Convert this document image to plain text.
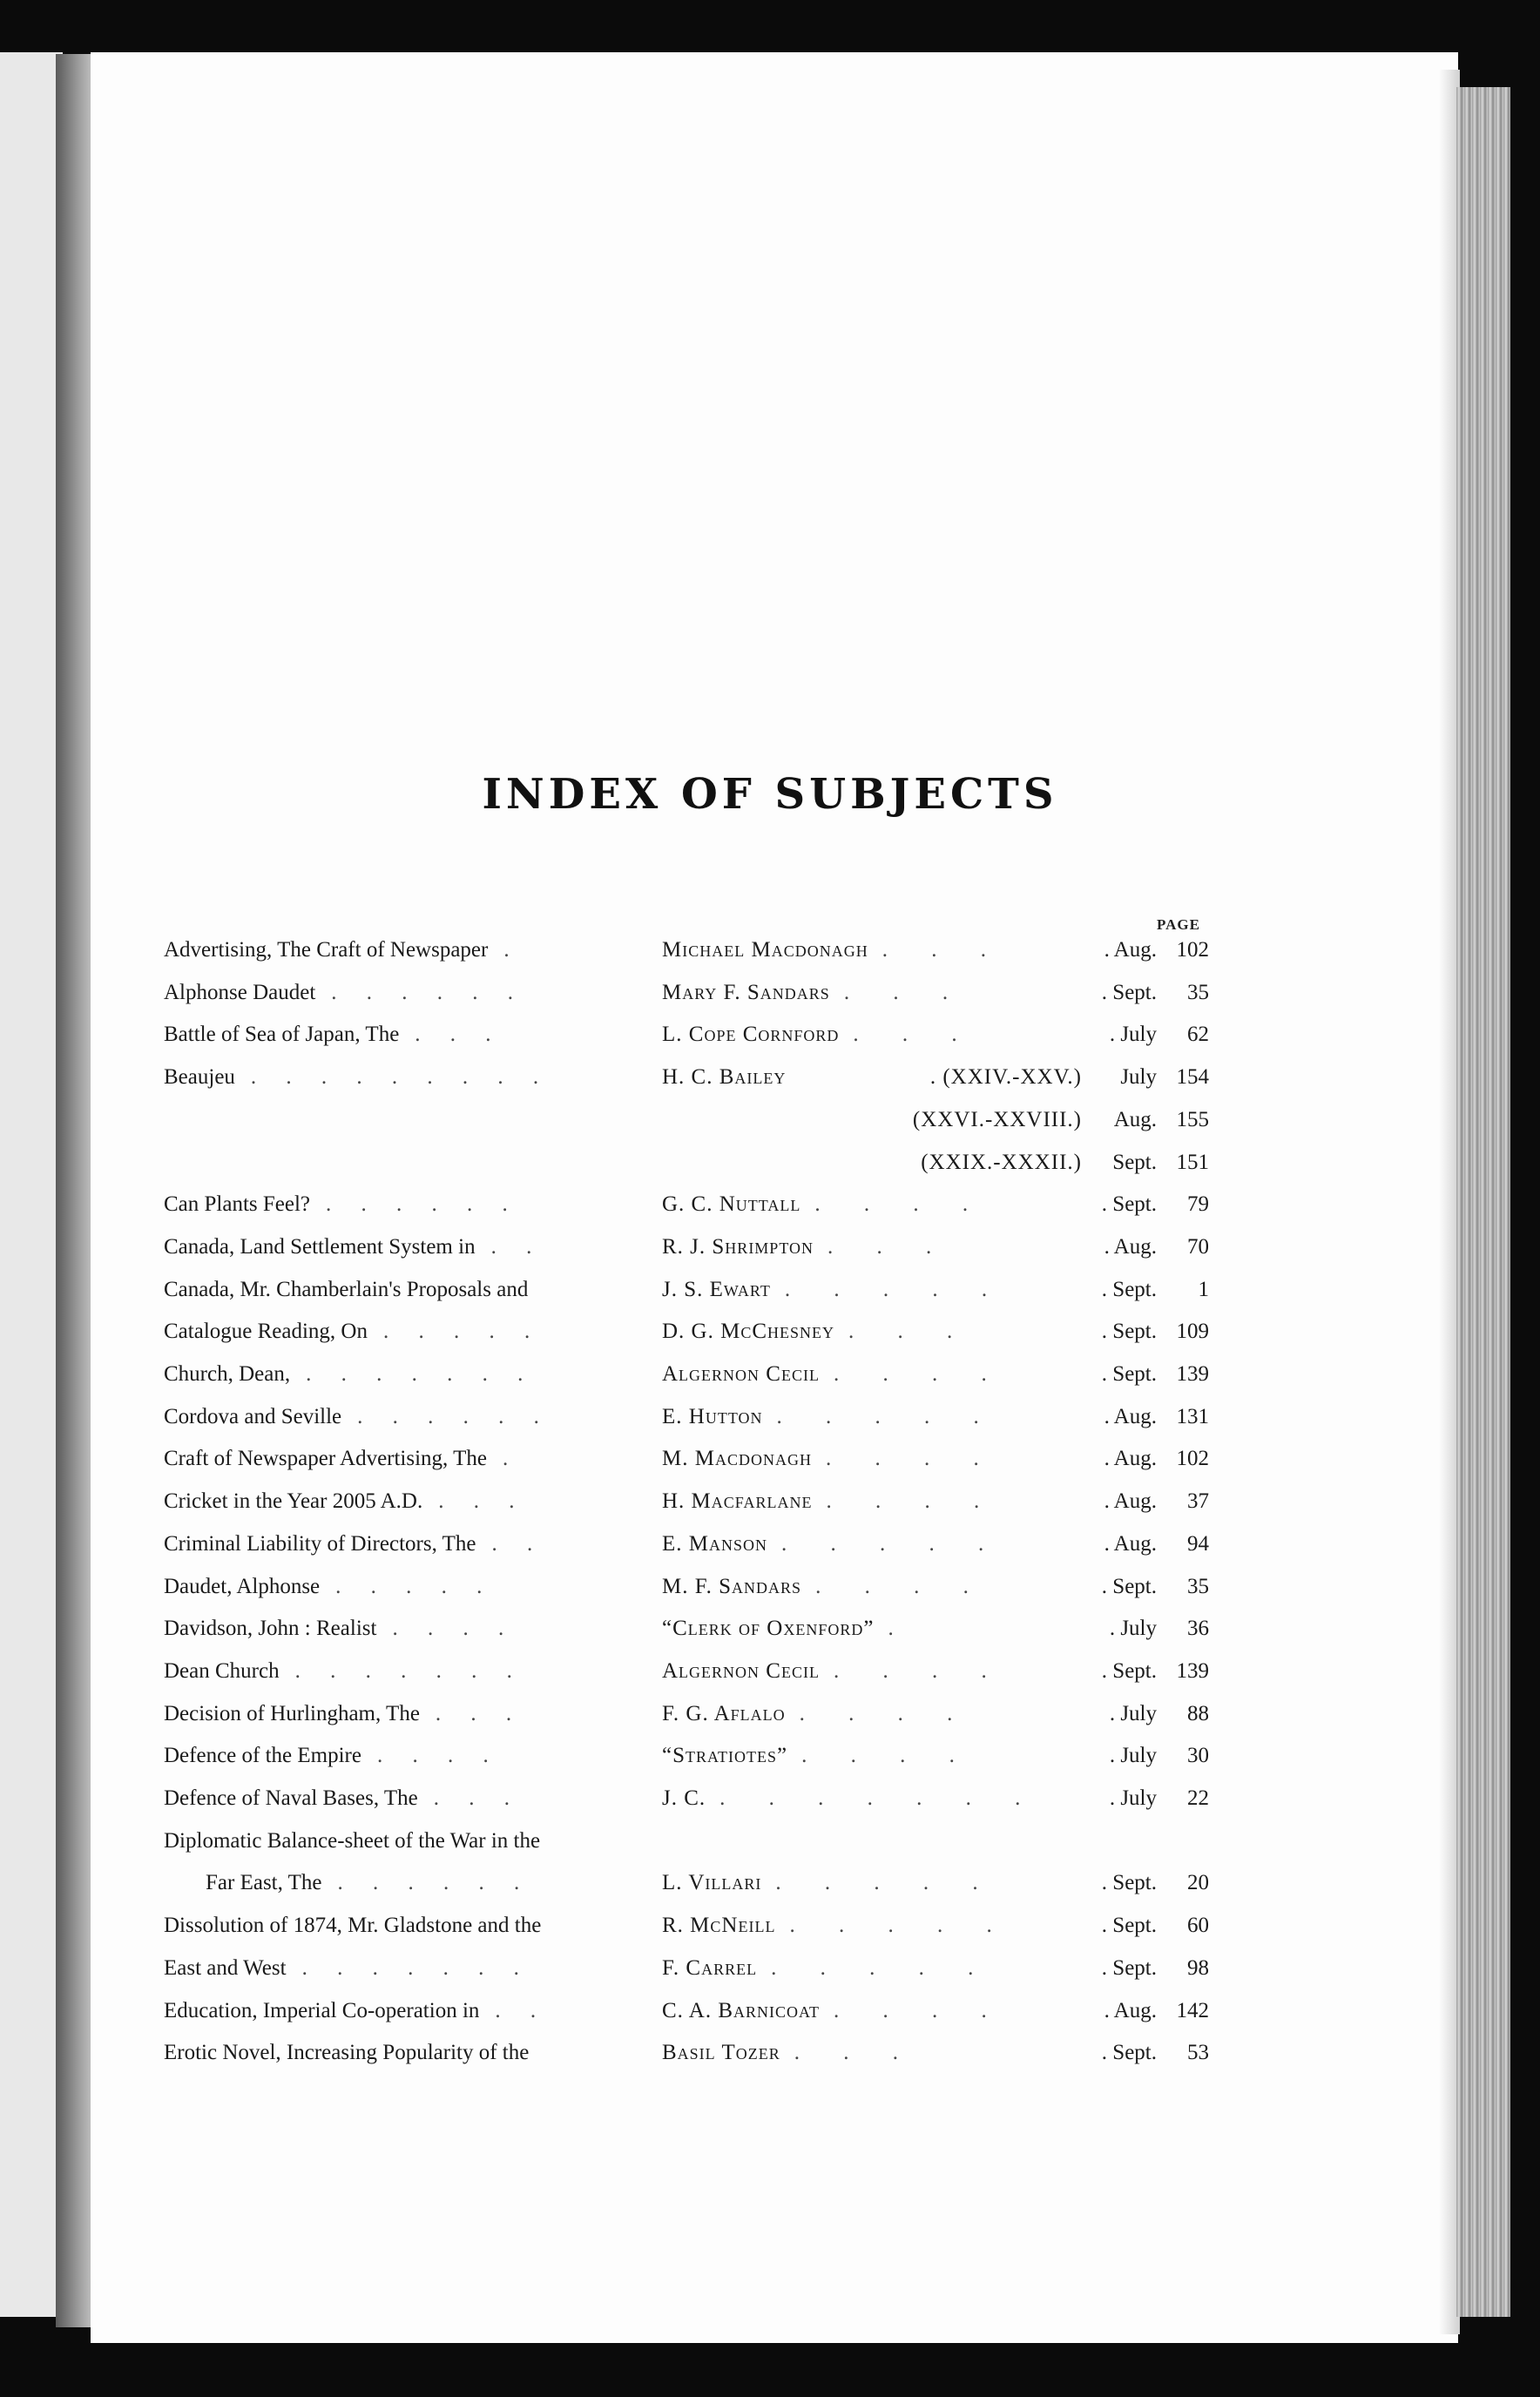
INDEX OF SUBJECTS
PAGE
Advertising, The Craft of Newspaper .	Michael Macdonagh . . .	. Aug. 102
Alphonse Daudet . . . . . .	Mary F. Sandars . . .	. Sept.	35
Battle of Sea of Japan, The . . .	L. Cope Cornford . . .	. July	62
Beaujeu . . . . . . . . .	H. C. Bailey	. (XXIV.-XXV.)	July 154
(XXVI.-XXVIII.)	Aug. 155
(XXIX.-XXXII.)	Sept. 151
Can Plants Feel? . . . . . .	G. C. Nuttall . . . .	. Sept.	79
Canada, Land Settlement System in . .	R. J. Shrimpton . . .	. Aug.	70
Canada, Mr. Chamberlain's Proposals and	J. S. Ewart . . . . .	. Sept.	1
Catalogue Reading, On . . . . .	D. G. McChesney . . .	. Sept. 109
Church, Dean, . . . . . . .	Algernon Cecil . . . .	. Sept. 139
Cordova and Seville . . . . . .	E. Hutton . . . . .	. Aug. 131
Craft of Newspaper Advertising, The .	M. Macdonagh . . . .	. Aug. 102
Cricket in the Year 2005 A.D. . . .	H. Macfarlane . . . .	. Aug.	37
Criminal Liability of Directors, The . .	E. Manson . . . . .	. Aug.	94
Daudet, Alphonse . . . . .	M. F. Sandars . . . .	. Sept.	35
Davidson, John : Realist . . . .	“Clerk of Oxenford” .	. July	36
Dean Church . . . . . . .	Algernon Cecil . . . .	. Sept. 139
Decision of Hurlingham, The . . .	F. G. Aflalo . . . .	. July	88
Defence of the Empire . . . .	“Stratiotes” . . . .	. July	30
Defence of Naval Bases, The . . .	J. C. . . . . . . .	. July	22
Diplomatic Balance-sheet of the War in the
Far East, The . . . . . .	L. Villari . . . . .	. Sept.	20
Dissolution of 1874, Mr. Gladstone and the	R. McNeill . . . . .	. Sept.	60
East and West . . . . . . .	F. Carrel . . . . .	. Sept.	98
Education, Imperial Co-operation in . .	C. A. Barnicoat . . . .	. Aug. 142
Erotic Novel, Increasing Popularity of the	Basil Tozer . . .	. Sept.	53
